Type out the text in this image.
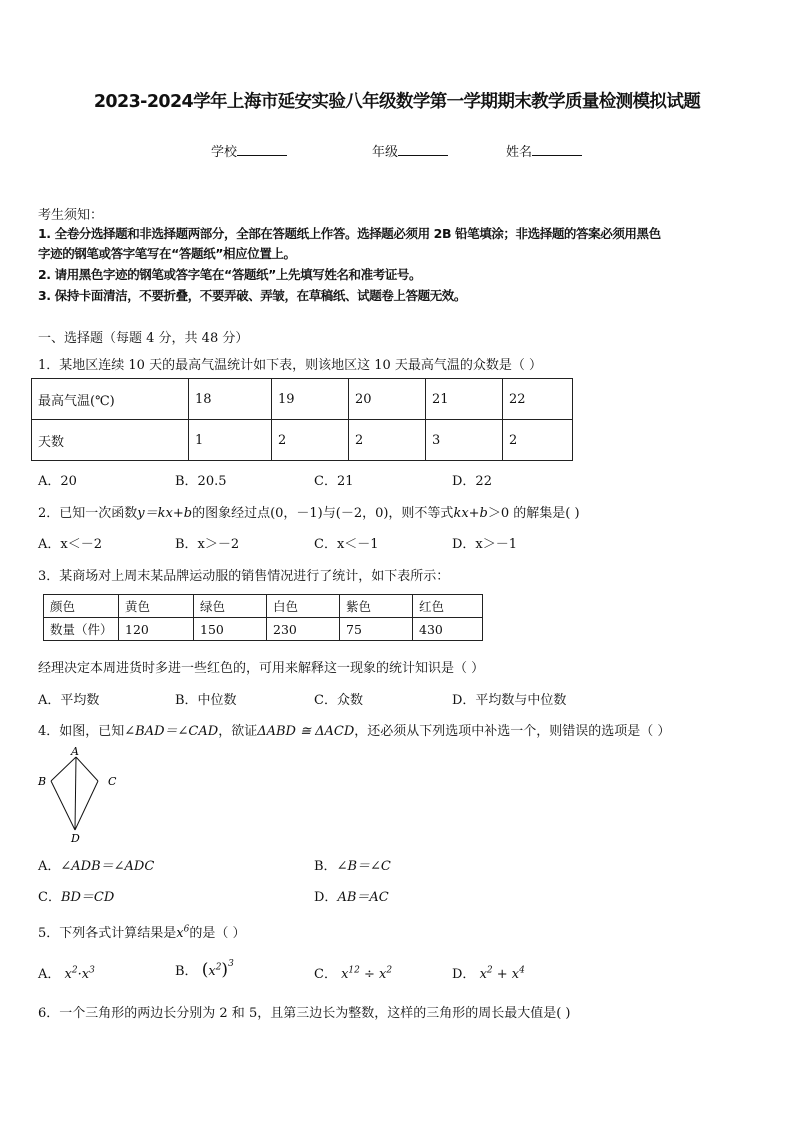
2023-2024学年上海市延安实验八年级数学第一学期期末教学质量检测模拟试题
学校	年级	姓名
考生须知：
1. 全卷分选择题和非选择题两部分，全部在答题纸上作答。选择题必须用 2B 铅笔填涂；非选择题的答案必须用黑色
字迹的钢笔或答字笔写在“答题纸”相应位置上。
2. 请用黑色字迹的钢笔或答字笔在“答题纸”上先填写姓名和准考证号。
3. 保持卡面清洁，不要折叠，不要弄破、弄皱，在草稿纸、试题卷上答题无效。
一、选择题（每题 4 分，共 48 分）
1．某地区连续 10 天的最高气温统计如下表，则该地区这 10 天最高气温的众数是（ ）
最高气温(℃)	18	19	20	21	22
天数	1	2	2	3	2
A．20	B．20.5	C．21	D．22
2．已知一次函数y＝kx+b的图象经过点(0，－1)与(－2，0)，则不等式kx+b＞0 的解集是( )
A．x＜－2	B．x＞－2	C．x＜－1	D．x＞－1
3．某商场对上周末某品牌运动服的销售情况进行了统计，如下表所示：
颜色	黄色	绿色	白色	紫色	红色
数量（件）	120	150	230	75	430
经理决定本周进货时多进一些红色的，可用来解释这一现象的统计知识是（ ）
A．平均数	B．中位数	C．众数	D．平均数与中位数
4．如图，已知∠BAD＝∠CAD，欲证ΔABD ≅ ΔACD，还必须从下列选项中补选一个，则错误的选项是（ ）
A
B	C
D
A．∠ADB＝∠ADC	B．∠B＝∠C
C．BD＝CD	D．AB＝AC
5．下列各式计算结果是$x^6$的是（ ）
A． $x^2\cdot x^3$	B． $(x^2)^3$
C． $x^{12} \div x^2$	D． $x^2 + x^4$
6．一个三角形的两边长分别为 2 和 5，且第三边长为整数，这样的三角形的周长最大值是( )
